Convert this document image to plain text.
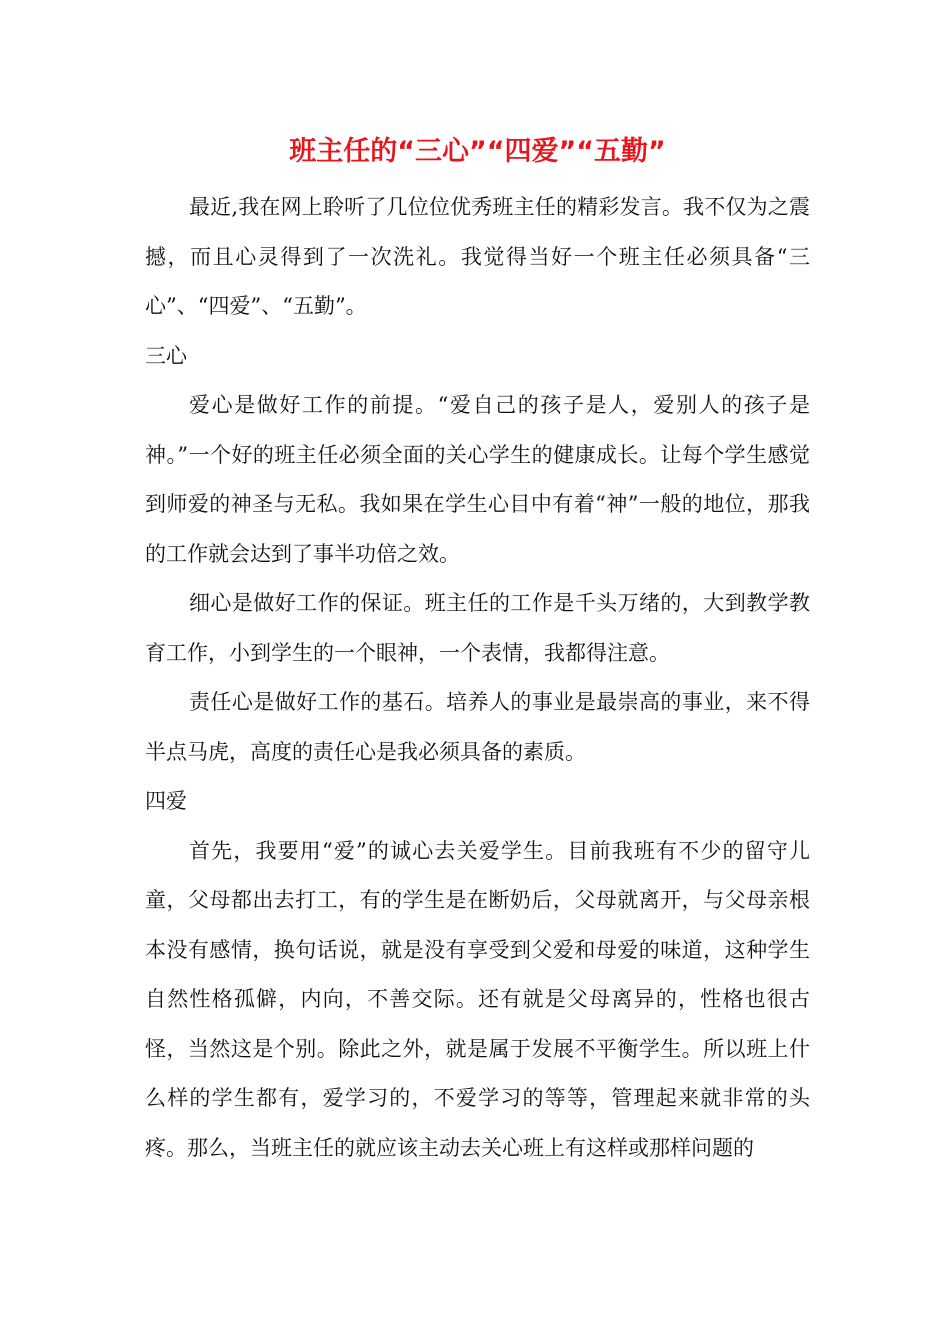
班主任的“三心”“四爱”“五勤”

最近,我在网上聆听了几位位优秀班主任的精彩发言。我不仅为之震撼，而且心灵得到了一次洗礼。我觉得当好一个班主任必须具备“三心”、“四爱”、“五勤”。

三心

爱心是做好工作的前提。“爱自己的孩子是人，爱别人的孩子是神。”一个好的班主任必须全面的关心学生的健康成长。让每个学生感觉到师爱的神圣与无私。我如果在学生心目中有着“神”一般的地位，那我的工作就会达到了事半功倍之效。

细心是做好工作的保证。班主任的工作是千头万绪的，大到教学教育工作，小到学生的一个眼神，一个表情，我都得注意。

责任心是做好工作的基石。培养人的事业是最崇高的事业，来不得半点马虎，高度的责任心是我必须具备的素质。

四爱

首先，我要用“爱”的诚心去关爱学生。目前我班有不少的留守儿童，父母都出去打工，有的学生是在断奶后，父母就离开，与父母亲根本没有感情，换句话说，就是没有享受到父爱和母爱的味道，这种学生自然性格孤僻，内向，不善交际。还有就是父母离异的，性格也很古怪，当然这是个别。除此之外，就是属于发展不平衡学生。所以班上什么样的学生都有，爱学习的，不爱学习的等等，管理起来就非常的头疼。那么，当班主任的就应该主动去关心班上有这样或那样问题的
